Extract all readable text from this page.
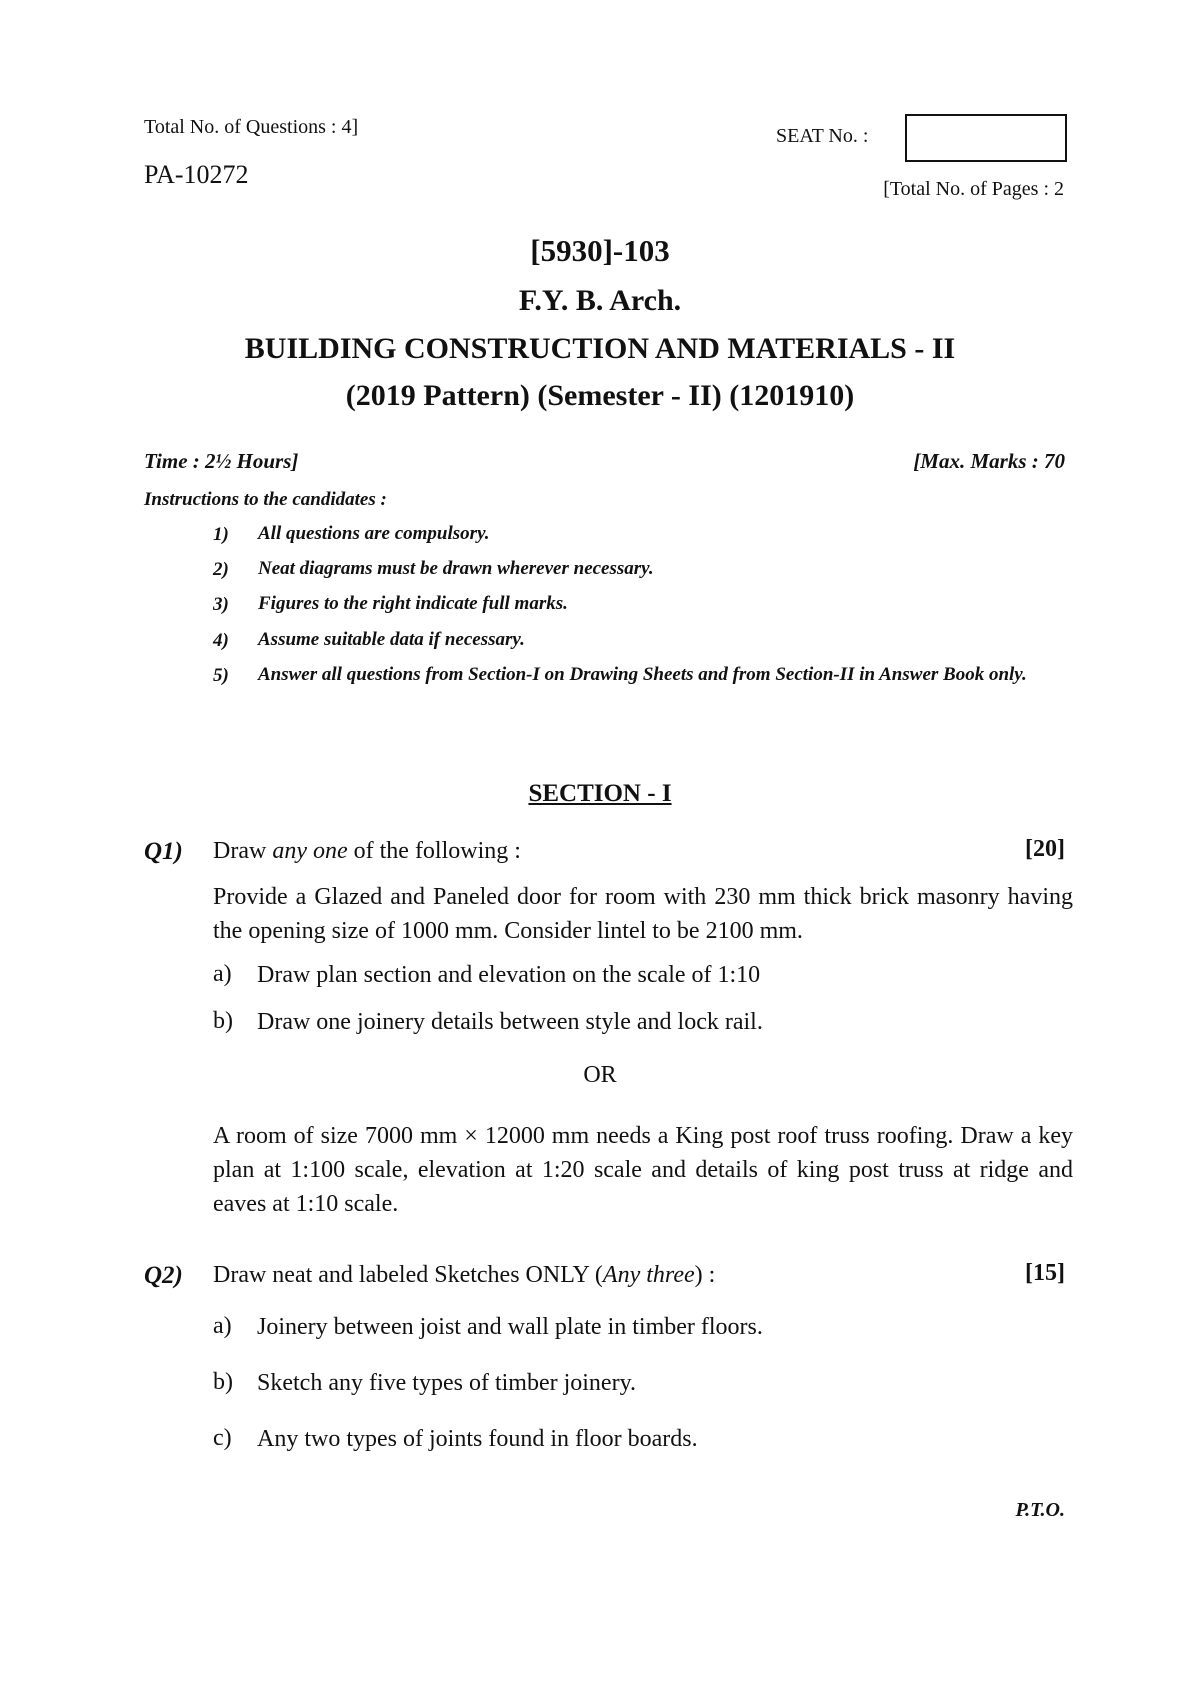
Total No. of Questions : 4]	SEAT No. :
PA-10272	[Total No. of Pages : 2
[5930]-103
F.Y. B. Arch.
BUILDING CONSTRUCTION AND MATERIALS - II
(2019 Pattern) (Semester - II) (1201910)
Time : 2½ Hours]	[Max. Marks : 70
Instructions to the candidates :
1) All questions are compulsory.
2) Neat diagrams must be drawn wherever necessary.
3) Figures to the right indicate full marks.
4) Assume suitable data if necessary.
5) Answer all questions from Section-I on Drawing Sheets and from Section-II in Answer Book only.
SECTION - I
Q1) Draw any one of the following :	[20]
Provide a Glazed and Paneled door for room with 230 mm thick brick masonry having the opening size of 1000 mm. Consider lintel to be 2100 mm.
a) Draw plan section and elevation on the scale of 1:10
b) Draw one joinery details between style and lock rail.
OR
A room of size 7000 mm × 12000 mm needs a King post roof truss roofing. Draw a key plan at 1:100 scale, elevation at 1:20 scale and details of king post truss at ridge and eaves at 1:10 scale.
Q2) Draw neat and labeled Sketches ONLY (Any three) :	[15]
a) Joinery between joist and wall plate in timber floors.
b) Sketch any five types of timber joinery.
c) Any two types of joints found in floor boards.
P.T.O.
